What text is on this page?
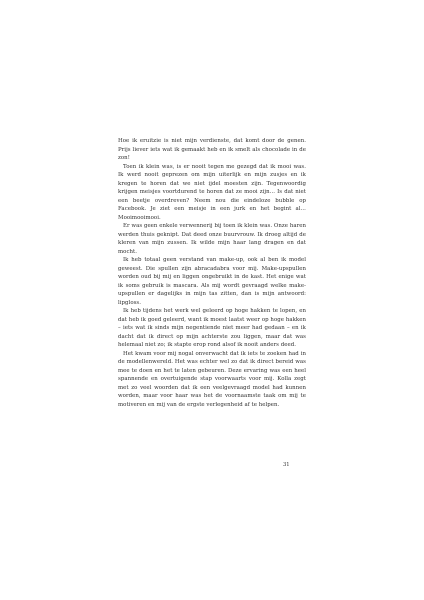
Hoe ik eruitzie is niet mijn verdienste, dat komt door de genen. Prijs liever iets wat ik gemaakt heb en ik smelt als chocolade in de zon!

Toen ik klein was, is er nooit tegen me gezegd dat ik mooi was. Ik werd nooit geprezen om mijn uiterlijk en mijn zusjes en ik kregen te horen dat we niet ijdel moesten zijn. Tegenwoordig krijgen meisjes voortdurend te horen dat ze mooi zijn… Is dat niet een beetje overdreven? Neem nou die eindeloze bubble op Facebook. Je ziet een meisje in een jurk en het begint al… Mooimooimooi.

Er was geen enkele verwennerij bij toen ik klein was. Onze haren werden thuis geknipt. Dat deed onze buurvrouw. Ik droeg altijd de kleren van mijn zussen. Ik wilde mijn haar lang dragen en dat mocht.

Ik heb totaal geen verstand van make-up, ook al ben ik model geweest. Die spullen zijn abracadabra voor mij. Make-upspullen worden oud bij mij en liggen ongebruikt in de kast. Het enige wat ik soms gebruik is mascara. Als mij wordt gevraagd welke make-upspullen er dagelijks in mijn tas zitten, dan is mijn antwoord: lipgloss.

Ik heb tijdens het werk wel geleerd op hoge hakken te lopen, en dat heb ik goed geleerd, want ik moest laatst weer op hoge hakken – iets wat ik sinds mijn negentiende niet meer had gedaan – en ik dacht dat ik direct op mijn achterste zou liggen, maar dat was helemaal niet zo; ik stapte erop rond alsof ik nooit anders deed.

Het kwam voor mij nogal onverwacht dat ik iets te zoeken had in de modellenwereld. Het was echter wel zo dat ik direct bereid was mee te doen en het te laten gebeuren. Deze ervaring was een heel spannende en overtuigende stap voorwaarts voor mij. Kolla zegt met zo veel woorden dat ik een veelgevraagd model had kunnen worden, maar voor haar was het de voornaamste taak om mij te motiveren en mij van de ergste verlegenheid af te helpen.

31
